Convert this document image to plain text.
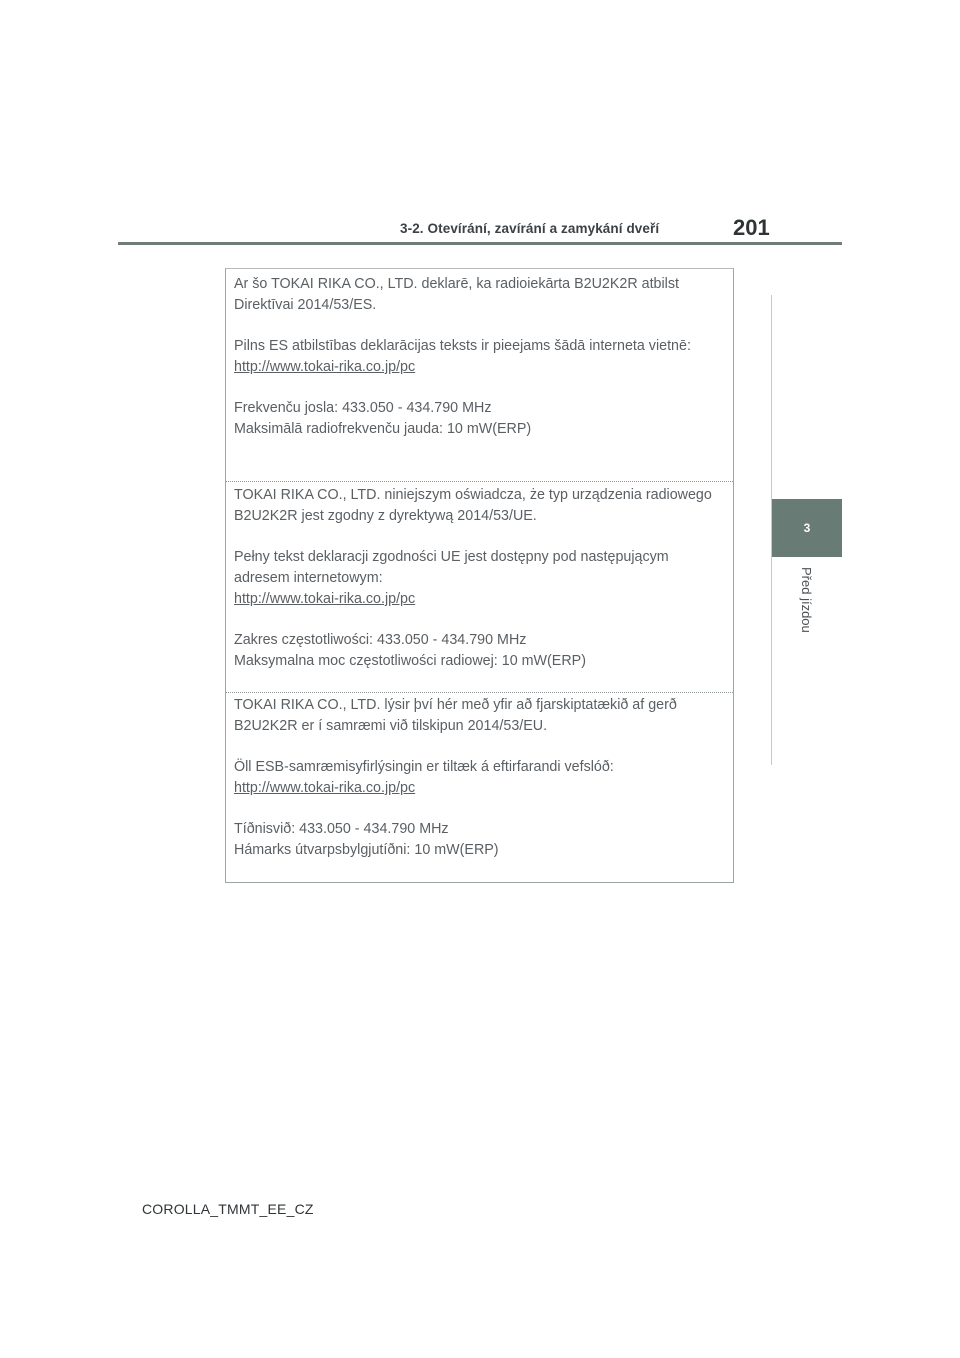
3-2. Otevírání, zavírání a zamykání dveří	201
3
Před jízdou

Ar šo TOKAI RIKA CO., LTD. deklarē, ka radioiekārta B2U2K2R atbilst Direktīvai 2014/53/ES.

Pilns ES atbilstības deklarācijas teksts ir pieejams šādā interneta vietnē:

http://www.tokai-rika.co.jp/pc

Frekvenču josla: 433.050 - 434.790 MHz

Maksimālā radiofrekvenču jauda: 10 mW(ERP)

TOKAI RIKA CO., LTD. niniejszym oświadcza, że typ urządzenia radiowego B2U2K2R jest zgodny z dyrektywą 2014/53/UE.

Pełny tekst deklaracji zgodności UE jest dostępny pod następującym adresem internetowym:

http://www.tokai-rika.co.jp/pc

Zakres częstotliwości: 433.050 - 434.790 MHz

Maksymalna moc częstotliwości radiowej: 10 mW(ERP)

TOKAI RIKA CO., LTD. lýsir því hér með yfir að fjarskiptatækið af gerð B2U2K2R er í samræmi við tilskipun 2014/53/EU.

Öll ESB-samræmisyfirlýsingin er tiltæk á eftirfarandi vefslóð:

http://www.tokai-rika.co.jp/pc

Tíðnisvið: 433.050 - 434.790 MHz

Hámarks útvarpsbylgjutíðni: 10 mW(ERP)

COROLLA_TMMT_EE_CZ
